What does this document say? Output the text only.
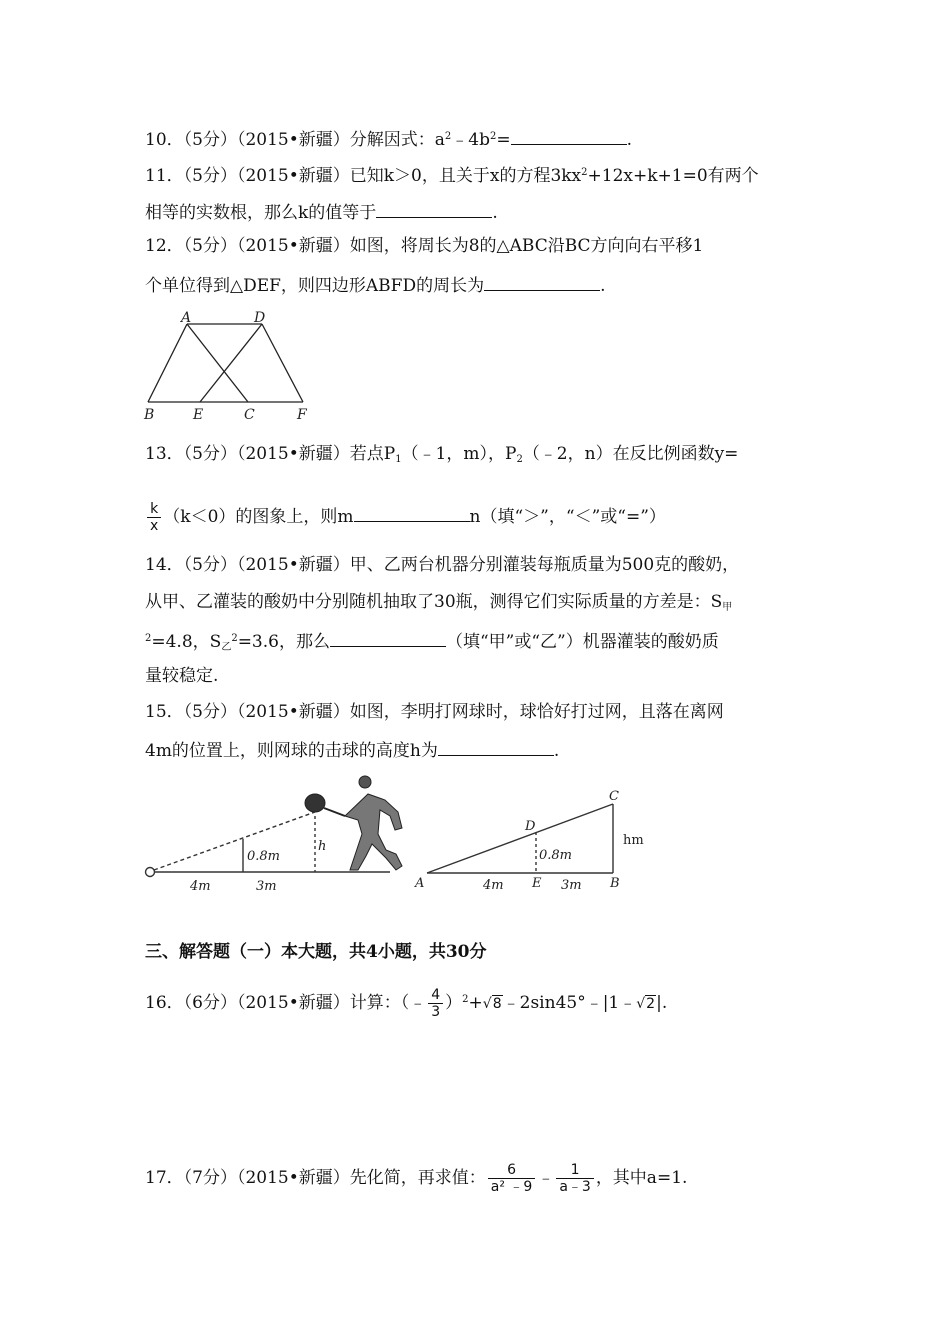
10．（5分）（2015•新疆）分解因式：$a^2﹣4b^2=$	.
11．（5分）（2015•新疆）已知k＞0，且关于x的方程$3kx^2+12x+k+1=0$有两个
相等的实数根，那么k的值等于	.
12．（5分）（2015•新疆）如图，将周长为8的△ABC沿BC方向向右平移1
个单位得到△DEF，则四边形ABFD的周长为	.
A	D
B	E	C	F
13．（5分）（2015•新疆）若点$P_1(﹣1$，m），$P_2(﹣2$，n）在反比例函数y=
$\frac{k}{x} (k<0)$的图象上，则m	n（填“＞”，“＜”或“=”）
14．（5分）（2015•新疆）甲、乙两台机器分别灌装每瓶质量为500克的酸奶，
从甲、乙灌装的酸奶中分别随机抽取了30瓶，测得它们实际质量的方差是：$S_甲$
$^2$=4.8，$S_乙^2=3.6$，那么	（填“甲”或“乙”）机器灌装的酸奶质
量较稳定.
15．（5分）（2015•新疆）如图，李明打网球时，球恰好打过网，且落在离网
4m的位置上，则网球的击球的高度h为	.
0.8m
h
4m	3m
C
D
0.8m
hm
A	4m E 3m B
三、解答题（一）本大题，共4小题，共30分
16．（6分）（2015•新疆）计算：（﹣ $\frac{4}{3}$ ）$^2$+√8﹣2sin45°﹣|1﹣√2|.
17．（7分）（2015•新疆）先化简，再求值： $\frac{6}{\text{a² ﹣9}}$ ﹣ $\frac{1}{a﹣3}$ ，其中a=1.
